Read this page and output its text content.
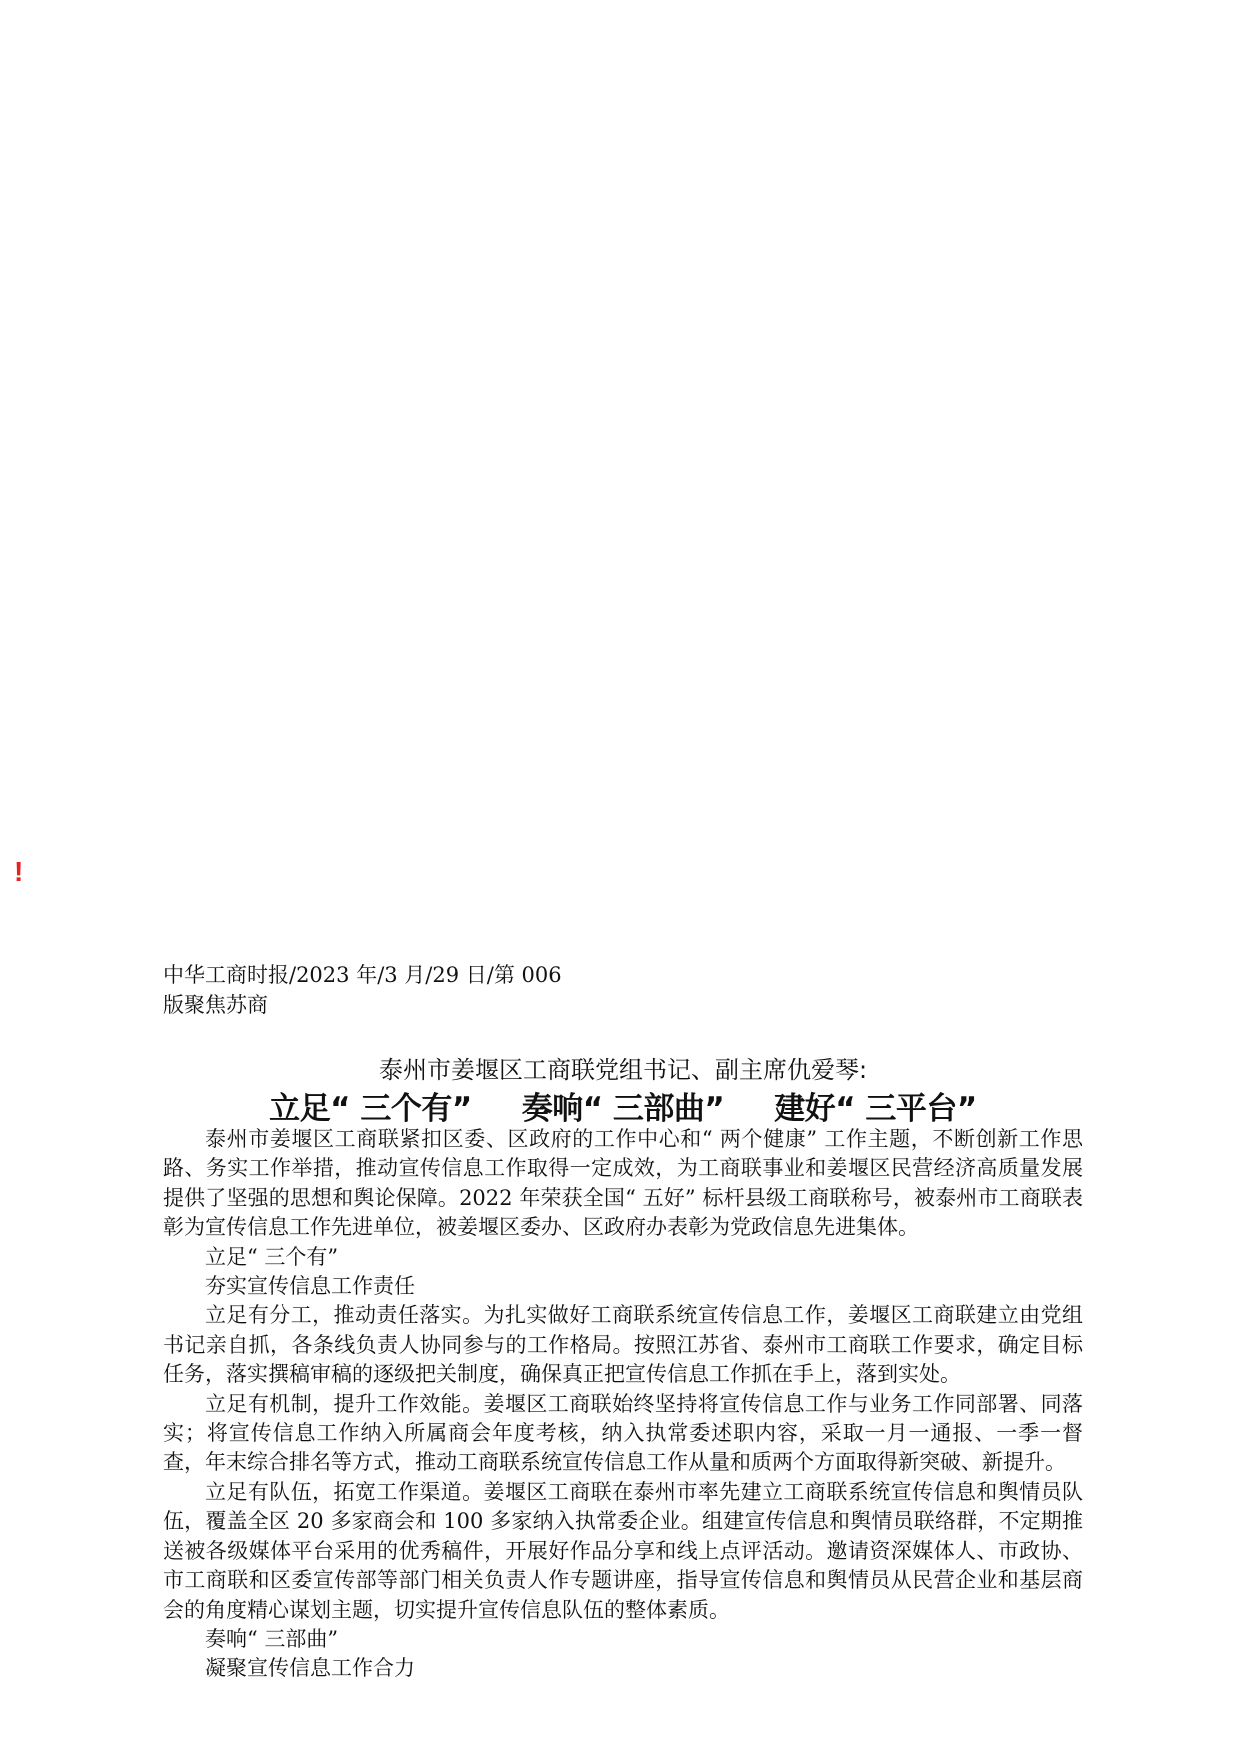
!
中华工商时报/2023 年/3 月/29 日/第 006
版聚焦苏商
泰州市姜堰区工商联党组书记、副主席仇爱琴:
立足“ 三个有” 奏响“ 三部曲” 建好“ 三平台”

泰州市姜堰区工商联紧扣区委、区政府的工作中心和“ 两个健康” 工作主题，不断创新工作思路、务实工作举措，推动宣传信息工作取得一定成效，为工商联事业和姜堰区民营经济高质量发展提供了坚强的思想和舆论保障。2022 年荣获全国“ 五好” 标杆县级工商联称号，被泰州市工商联表彰为宣传信息工作先进单位，被姜堰区委办、区政府办表彰为党政信息先进集体。

立足“ 三个有”

夯实宣传信息工作责任

立足有分工，推动责任落实。为扎实做好工商联系统宣传信息工作，姜堰区工商联建立由党组书记亲自抓，各条线负责人协同参与的工作格局。按照江苏省、泰州市工商联工作要求，确定目标任务，落实撰稿审稿的逐级把关制度，确保真正把宣传信息工作抓在手上，落到实处。

立足有机制，提升工作效能。姜堰区工商联始终坚持将宣传信息工作与业务工作同部署、同落实；将宣传信息工作纳入所属商会年度考核，纳入执常委述职内容，采取一月一通报、一季一督查，年末综合排名等方式，推动工商联系统宣传信息工作从量和质两个方面取得新突破、新提升。

立足有队伍，拓宽工作渠道。姜堰区工商联在泰州市率先建立工商联系统宣传信息和舆情员队伍，覆盖全区 20 多家商会和 100 多家纳入执常委企业。组建宣传信息和舆情员联络群，不定期推送被各级媒体平台采用的优秀稿件，开展好作品分享和线上点评活动。邀请资深媒体人、市政协、市工商联和区委宣传部等部门相关负责人作专题讲座，指导宣传信息和舆情员从民营企业和基层商会的角度精心谋划主题，切实提升宣传信息队伍的整体素质。

奏响“ 三部曲”

凝聚宣传信息工作合力
